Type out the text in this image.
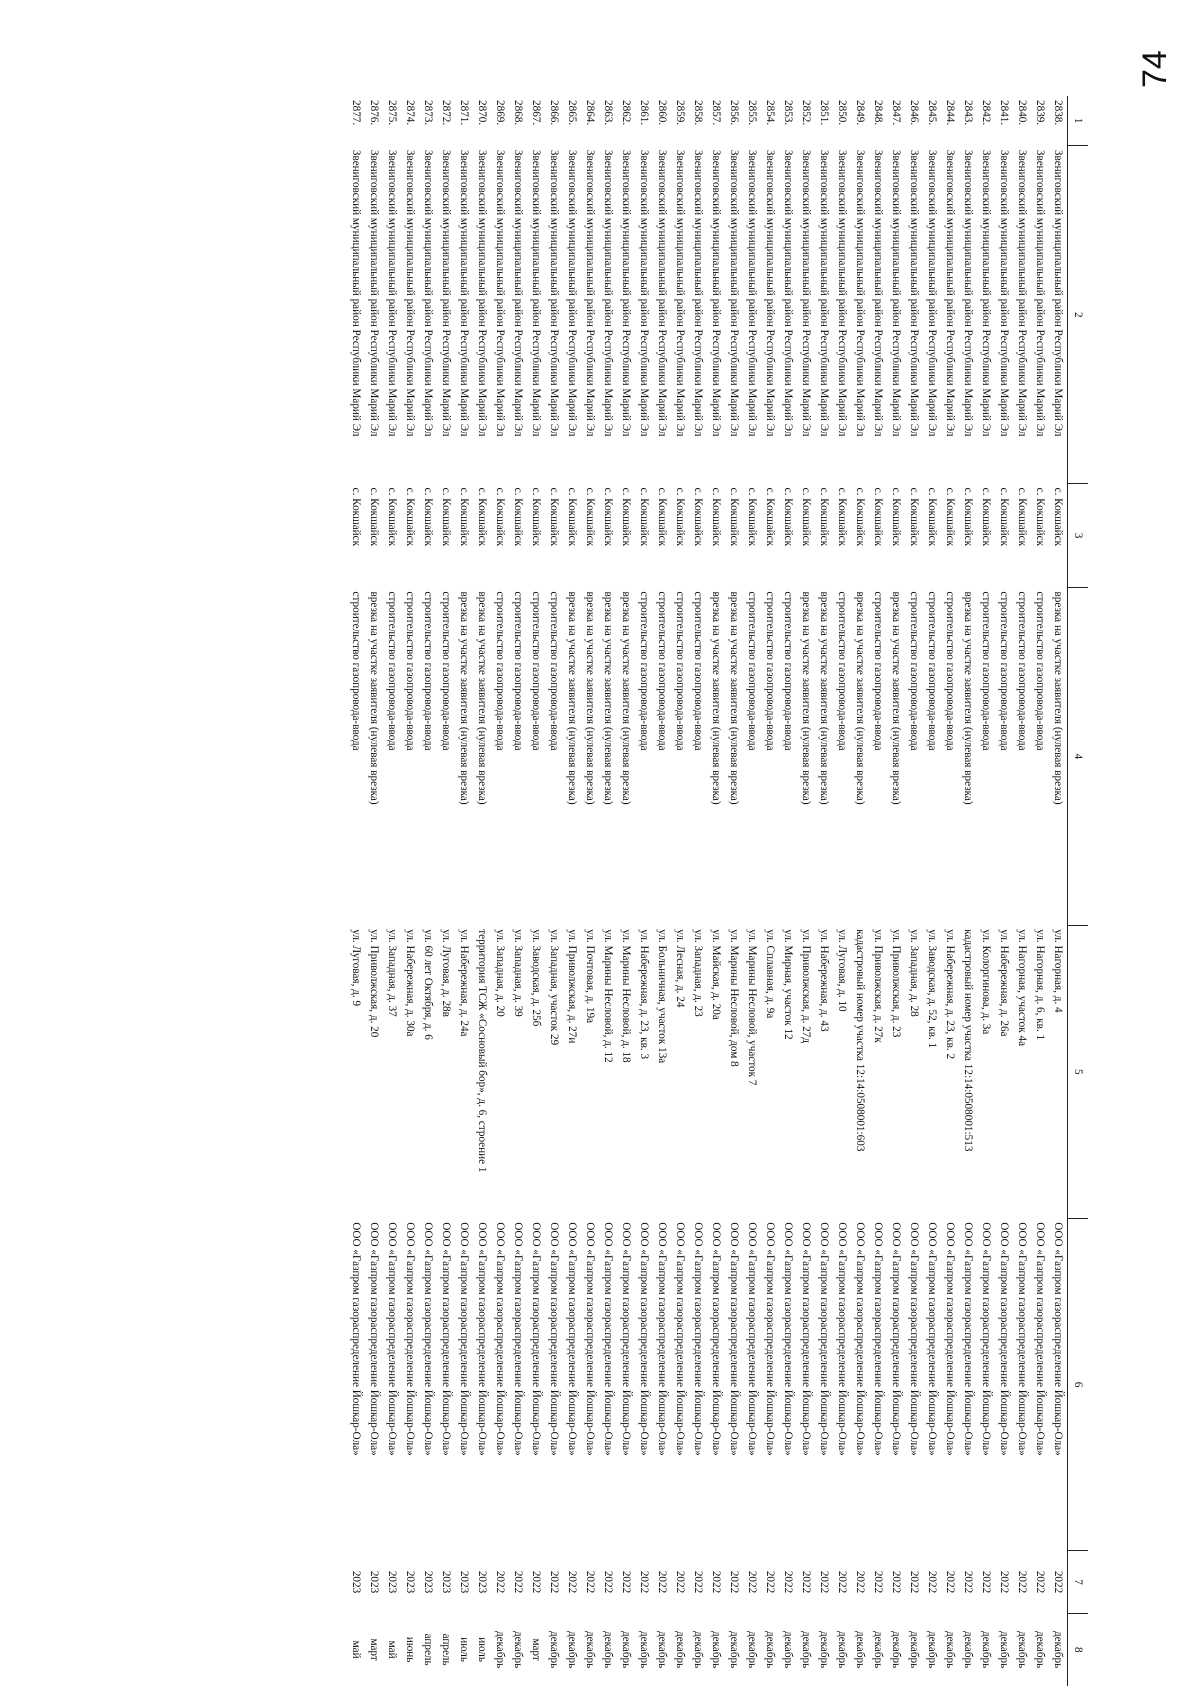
74
1	2	3	4	5	6	7	8
2838.	Звениговский муниципальный район Республики Марий Эл	с. Кокшайск	врезка на участке заявителя (нулевая врезка)	ул. Нагорная, д. 4	ООО «Газпром газораспределение Йошкар-Ола»	2022	декабрь
2839.	Звениговский муниципальный район Республики Марий Эл	с. Кокшайск	строительство газопровода-ввода	ул. Нагорная, д. 6, кв. 1	ООО «Газпром газораспределение Йошкар-Ола»	2022	декабрь
2840.	Звениговский муниципальный район Республики Марий Эл	с. Кокшайск	строительство газопровода-ввода	ул. Нагорная, участок 4а	ООО «Газпром газораспределение Йошкар-Ола»	2022	декабрь
2841.	Звениговский муниципальный район Республики Марий Эл	с. Кокшайск	строительство газопровода-ввода	ул. Набережная, д. 26а	ООО «Газпром газораспределение Йошкар-Ола»	2022	декабрь
2842.	Звениговский муниципальный район Республики Марий Эл	с. Кокшайск	строительство газопровода-ввода	ул. Колоргинова, д. 3а	ООО «Газпром газораспределение Йошкар-Ола»	2022	декабрь
2843.	Звениговский муниципальный район Республики Марий Эл	с. Кокшайск	врезка на участке заявителя (нулевая врезка)	кадастровый номер участка 12:14:0508001:513	ООО «Газпром газораспределение Йошкар-Ола»	2022	декабрь
2844.	Звениговский муниципальный район Республики Марий Эл	с. Кокшайск	строительство газопровода-ввода	ул. Набережная, д. 23, кв. 2	ООО «Газпром газораспределение Йошкар-Ола»	2022	декабрь
2845.	Звениговский муниципальный район Республики Марий Эл	с. Кокшайск	строительство газопровода-ввода	ул. Заводская, д. 52, кв. 1	ООО «Газпром газораспределение Йошкар-Ола»	2022	декабрь
2846.	Звениговский муниципальный район Республики Марий Эл	с. Кокшайск	строительство газопровода-ввода	ул. Западная, д. 28	ООО «Газпром газораспределение Йошкар-Ола»	2022	декабрь
2847.	Звениговский муниципальный район Республики Марий Эл	с. Кокшайск	врезка на участке заявителя (нулевая врезка)	ул. Приволжская, д. 23	ООО «Газпром газораспределение Йошкар-Ола»	2022	декабрь
2848.	Звениговский муниципальный район Республики Марий Эл	с. Кокшайск	строительство газопровода-ввода	ул. Приволжская, д. 27к	ООО «Газпром газораспределение Йошкар-Ола»	2022	декабрь
2849.	Звениговский муниципальный район Республики Марий Эл	с. Кокшайск	врезка на участке заявителя (нулевая врезка)	кадастровый номер участка 12:14:0508001:603	ООО «Газпром газораспределение Йошкар-Ола»	2022	декабрь
2850.	Звениговский муниципальный район Республики Марий Эл	с. Кокшайск	строительство газопровода-ввода	ул. Луговая, д. 10	ООО «Газпром газораспределение Йошкар-Ола»	2022	декабрь
2851.	Звениговский муниципальный район Республики Марий Эл	с. Кокшайск	врезка на участке заявителя (нулевая врезка)	ул. Набережная, д. 43	ООО «Газпром газораспределение Йошкар-Ола»	2022	декабрь
2852.	Звениговский муниципальный район Республики Марий Эл	с. Кокшайск	врезка на участке заявителя (нулевая врезка)	ул. Приволжская, д. 27д	ООО «Газпром газораспределение Йошкар-Ола»	2022	декабрь
2853.	Звениговский муниципальный район Республики Марий Эл	с. Кокшайск	строительство газопровода-ввода	ул. Мирная, участок 12	ООО «Газпром газораспределение Йошкар-Ола»	2022	декабрь
2854.	Звениговский муниципальный район Республики Марий Эл	с. Кокшайск	строительство газопровода-ввода	ул. Сплавная, д. 9а	ООО «Газпром газораспределение Йошкар-Ола»	2022	декабрь
2855.	Звениговский муниципальный район Республики Марий Эл	с. Кокшайск	строительство газопровода-ввода	ул. Марины Несловой, участок 7	ООО «Газпром газораспределение Йошкар-Ола»	2022	декабрь
2856.	Звениговский муниципальный район Республики Марий Эл	с. Кокшайск	врезка на участке заявителя (нулевая врезка)	ул. Марины Несловой, дом 8	ООО «Газпром газораспределение Йошкар-Ола»	2022	декабрь
2857.	Звениговский муниципальный район Республики Марий Эл	с. Кокшайск	врезка на участке заявителя (нулевая врезка)	ул. Майская, д. 20а	ООО «Газпром газораспределение Йошкар-Ола»	2022	декабрь
2858.	Звениговский муниципальный район Республики Марий Эл	с. Кокшайск	строительство газопровода-ввода	ул. Западная, д. 23	ООО «Газпром газораспределение Йошкар-Ола»	2022	декабрь
2859.	Звениговский муниципальный район Республики Марий Эл	с. Кокшайск	строительство газопровода-ввода	ул. Лесная, д. 24	ООО «Газпром газораспределение Йошкар-Ола»	2022	декабрь
2860.	Звениговский муниципальный район Республики Марий Эл	с. Кокшайск	строительство газопровода-ввода	ул. Больничная, участок 13а	ООО «Газпром газораспределение Йошкар-Ола»	2022	декабрь
2861.	Звениговский муниципальный район Республики Марий Эл	с. Кокшайск	строительство газопровода-ввода	ул. Набережная, д. 23, кв. 3	ООО «Газпром газораспределение Йошкар-Ола»	2022	декабрь
2862.	Звениговский муниципальный район Республики Марий Эл	с. Кокшайск	врезка на участке заявителя (нулевая врезка)	ул. Марины Несловой, д. 18	ООО «Газпром газораспределение Йошкар-Ола»	2022	декабрь
2863.	Звениговский муниципальный район Республики Марий Эл	с. Кокшайск	врезка на участке заявителя (нулевая врезка)	ул. Марины Несловой, д. 12	ООО «Газпром газораспределение Йошкар-Ола»	2022	декабрь
2864.	Звениговский муниципальный район Республики Марий Эл	с. Кокшайск	врезка на участке заявителя (нулевая врезка)	ул. Почтовая, д. 19а	ООО «Газпром газораспределение Йошкар-Ола»	2022	декабрь
2865.	Звениговский муниципальный район Республики Марий Эл	с. Кокшайск	врезка на участке заявителя (нулевая врезка)	ул. Приволжская, д. 27и	ООО «Газпром газораспределение Йошкар-Ола»	2022	декабрь
2866.	Звениговский муниципальный район Республики Марий Эл	с. Кокшайск	строительство газопровода-ввода	ул. Западная, участок 29	ООО «Газпром газораспределение Йошкар-Ола»	2022	декабрь
2867.	Звениговский муниципальный район Республики Марий Эл	с. Кокшайск	строительство газопровода-ввода	ул. Заводская, д. 25б	ООО «Газпром газораспределение Йошкар-Ола»	2022	март
2868.	Звениговский муниципальный район Республики Марий Эл	с. Кокшайск	строительство газопровода-ввода	ул. Западная, д. 39	ООО «Газпром газораспределение Йошкар-Ола»	2022	декабрь
2869.	Звениговский муниципальный район Республики Марий Эл	с. Кокшайск	строительство газопровода-ввода	ул. Западная, д. 20	ООО «Газпром газораспределение Йошкар-Ола»	2022	декабрь
2870.	Звениговский муниципальный район Республики Марий Эл	с. Кокшайск	врезка на участке заявителя (нулевая врезка)	территория ТСЖ «Сосновый бор», д. 6, строение 1	ООО «Газпром газораспределение Йошкар-Ола»	2023	июль
2871.	Звениговский муниципальный район Республики Марий Эл	с. Кокшайск	врезка на участке заявителя (нулевая врезка)	ул. Набережная, д. 24а	ООО «Газпром газораспределение Йошкар-Ола»	2023	июль
2872.	Звениговский муниципальный район Республики Марий Эл	с. Кокшайск	строительство газопровода-ввода	ул. Луговая, д. 28в	ООО «Газпром газораспределение Йошкар-Ола»	2023	апрель
2873.	Звениговский муниципальный район Республики Марий Эл	с. Кокшайск	строительство газопровода-ввода	ул. 60 лет Октября, д. 6	ООО «Газпром газораспределение Йошкар-Ола»	2023	апрель
2874.	Звениговский муниципальный район Республики Марий Эл	с. Кокшайск	строительство газопровода-ввода	ул. Набережная, д. 30а	ООО «Газпром газораспределение Йошкар-Ола»	2023	июнь
2875.	Звениговский муниципальный район Республики Марий Эл	с. Кокшайск	строительство газопровода-ввода	ул. Западная, д. 37	ООО «Газпром газораспределение Йошкар-Ола»	2023	май
2876.	Звениговский муниципальный район Республики Марий Эл	с. Кокшайск	врезка на участке заявителя (нулевая врезка)	ул. Приволжская, д. 20	ООО «Газпром газораспределение Йошкар-Ола»	2023	март
2877.	Звениговский муниципальный район Республики Марий Эл	с. Кокшайск	строительство газопровода-ввода	ул. Луговая, д. 9	ООО «Газпром газораспределение Йошкар-Ола»	2023	май
